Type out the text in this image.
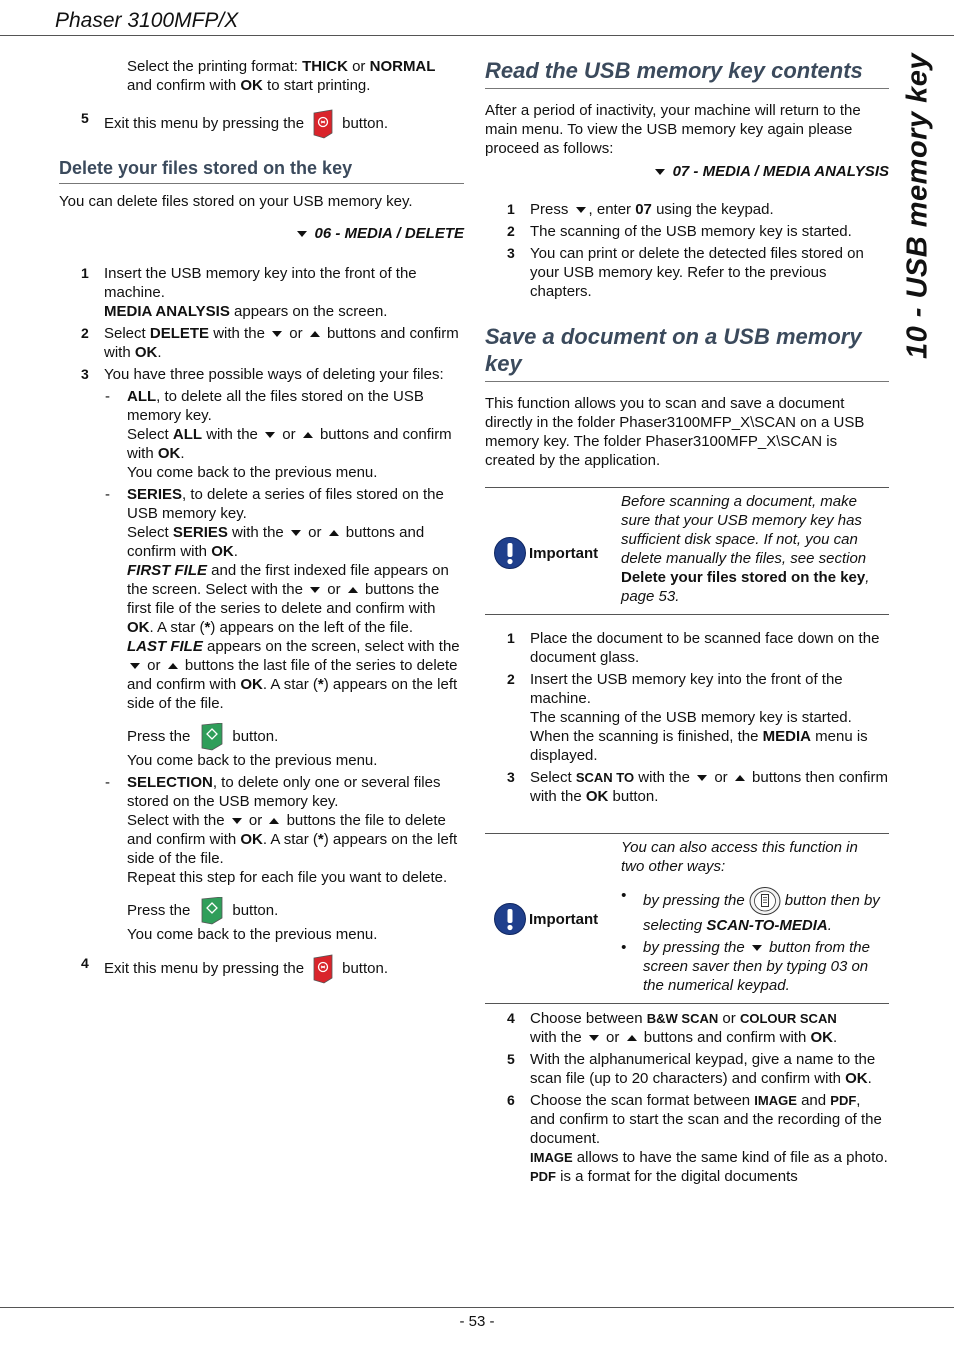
Phaser 3100MFP/X
10 - USB memory key

Select the printing format: THICK or NORMAL
and confirm with OK to start printing.

5 Exit this menu by pressing the	button.
Delete your files stored on the key

You can delete files stored on your USB memory key.

06 - MEDIA / DELETE

1 Insert the USB memory key into the front of the machine.
MEDIA ANALYSIS appears on the screen.
2 Select DELETE with the or buttons and confirm with OK.
3 You have three possible ways of deleting your files:
- ALL, to delete all the files stored on the USB memory key.
Select ALL with the or buttons and confirm with OK.
You come back to the previous menu.
- SERIES, to delete a series of files stored on the USB memory key.
Select SERIES with the or buttons and confirm with OK.
FIRST FILE and the first indexed file appears on the screen. Select with the or buttons the first file of the series to delete and confirm with OK. A star (*) appears on the left of the file.
LAST FILE appears on the screen, select with the  or buttons the last file of the series to delete and confirm with OK. A star (*) appears on the left side of the file.
Press the	button.
You come back to the previous menu.
- SELECTION, to delete only one or several files stored on the USB memory key.
Select with the or buttons the file to delete and confirm with OK. A star (*) appears on the left side of the file.
Repeat this step for each file you want to delete.
Press the	button.
You come back to the previous menu.
4 Exit this menu by pressing the	button.
Read the USB memory key contents

After a period of inactivity, your machine will return to the main menu. To view the USB memory key again please proceed as follows:

07 - MEDIA / MEDIA ANALYSIS

1 Press , enter 07 using the keypad.
2 The scanning of the USB memory key is started.
3 You can print or delete the detected files stored on your USB memory key. Refer to the previous chapters.
Save a document on a USB memory key

This function allows you to scan and save a document directly in the folder Phaser3100MFP_X\SCAN on a USB memory key. The folder Phaser3100MFP_X\SCAN is created by the application.

Important
Before scanning a document, make sure that your USB memory key has sufficient disk space. If not, you can delete manually the files, see section Delete your files stored on the key, page 53.
1 Place the document to be scanned face down on the document glass.
2 Insert the USB memory key into the front of the machine.
The scanning of the USB memory key is started.
When the scanning is finished, the MEDIA menu is displayed.
3 Select SCAN TO with the or buttons then confirm with the OK button.
Important
You can also access this function in two other ways:
• by pressing the	button then by selecting SCAN-TO-MEDIA.
• by pressing the button from the screen saver then by typing 03 on the numerical keypad.
4 Choose between B&W SCAN or COLOUR SCAN
with the or buttons and confirm with OK.
5 With the alphanumerical keypad, give a name to the scan file (up to 20 characters) and confirm with OK.
6 Choose the scan format between IMAGE and PDF, and confirm to start the scan and the recording of the document.
IMAGE allows to have the same kind of file as a photo. PDF is a format for the digital documents
- 53 -
